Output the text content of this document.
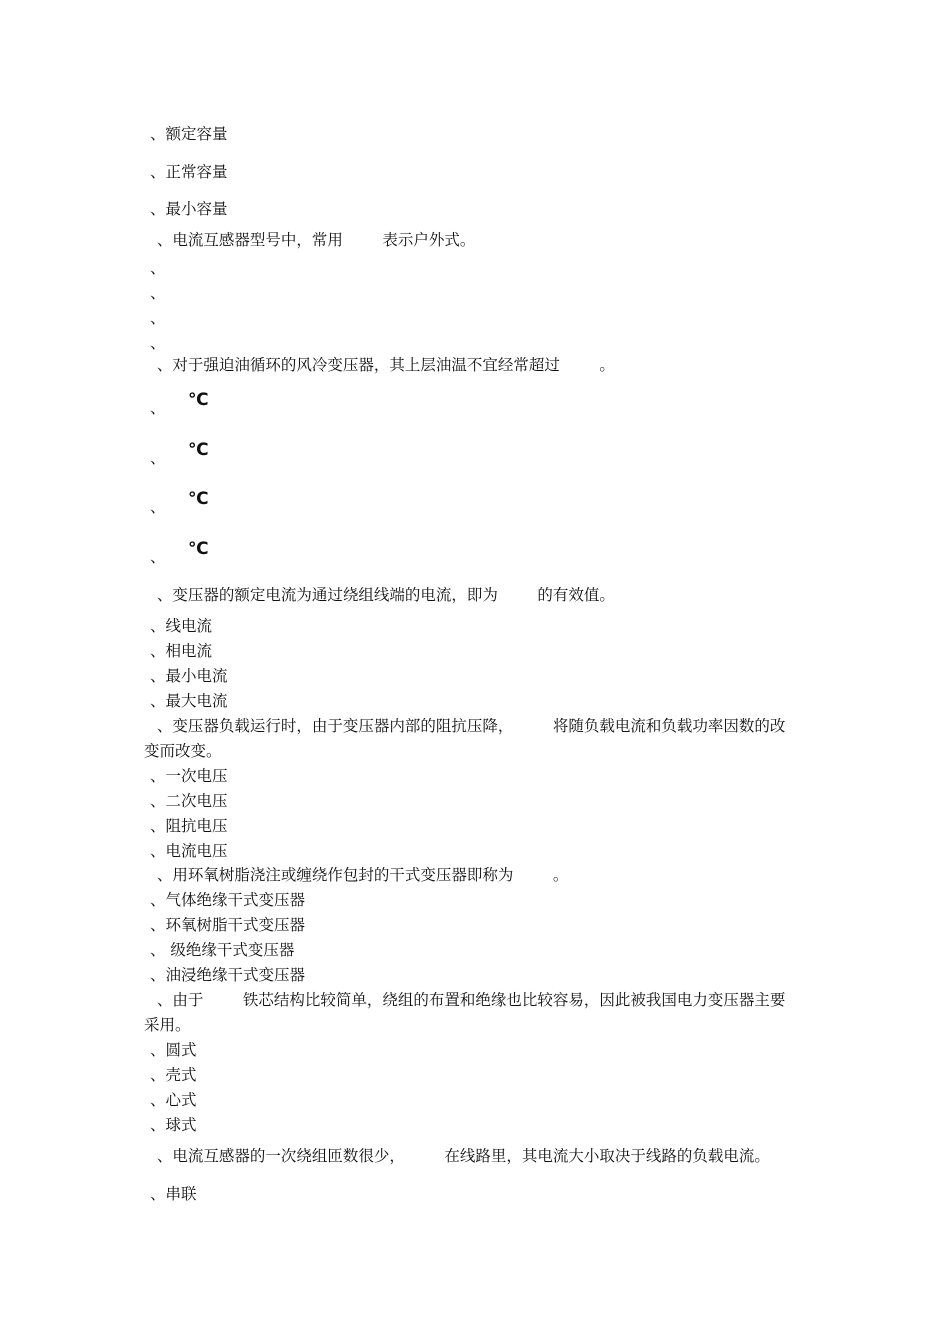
、额定容量
、正常容量
、最小容量
、电流互感器型号中，常用        表示户外式。
、
、
、
、
、对于强迫油循环的风冷变压器，其上层油温不宜经常超过        。
、 ℃
、 ℃
、 ℃
、 ℃
、变压器的额定电流为通过绕组线端的电流，即为        的有效值。
、线电流
、相电流
、最小电流
、最大电流
、变压器负载运行时，由于变压器内部的阻抗压降，        将随负载电流和负载功率因数的改
变而改变。
、一次电压
、二次电压
、阻抗电压
、电流电压
、用环氧树脂浇注或缠绕作包封的干式变压器即称为        。
、气体绝缘干式变压器
、环氧树脂干式变压器
、 级绝缘干式变压器
、油浸绝缘干式变压器
、由于        铁芯结构比较简单，绕组的布置和绝缘也比较容易，因此被我国电力变压器主要
采用。
、圆式
、壳式
、心式
、球式
、电流互感器的一次绕组匝数很少，        在线路里，其电流大小取决于线路的负载电流。
、串联
